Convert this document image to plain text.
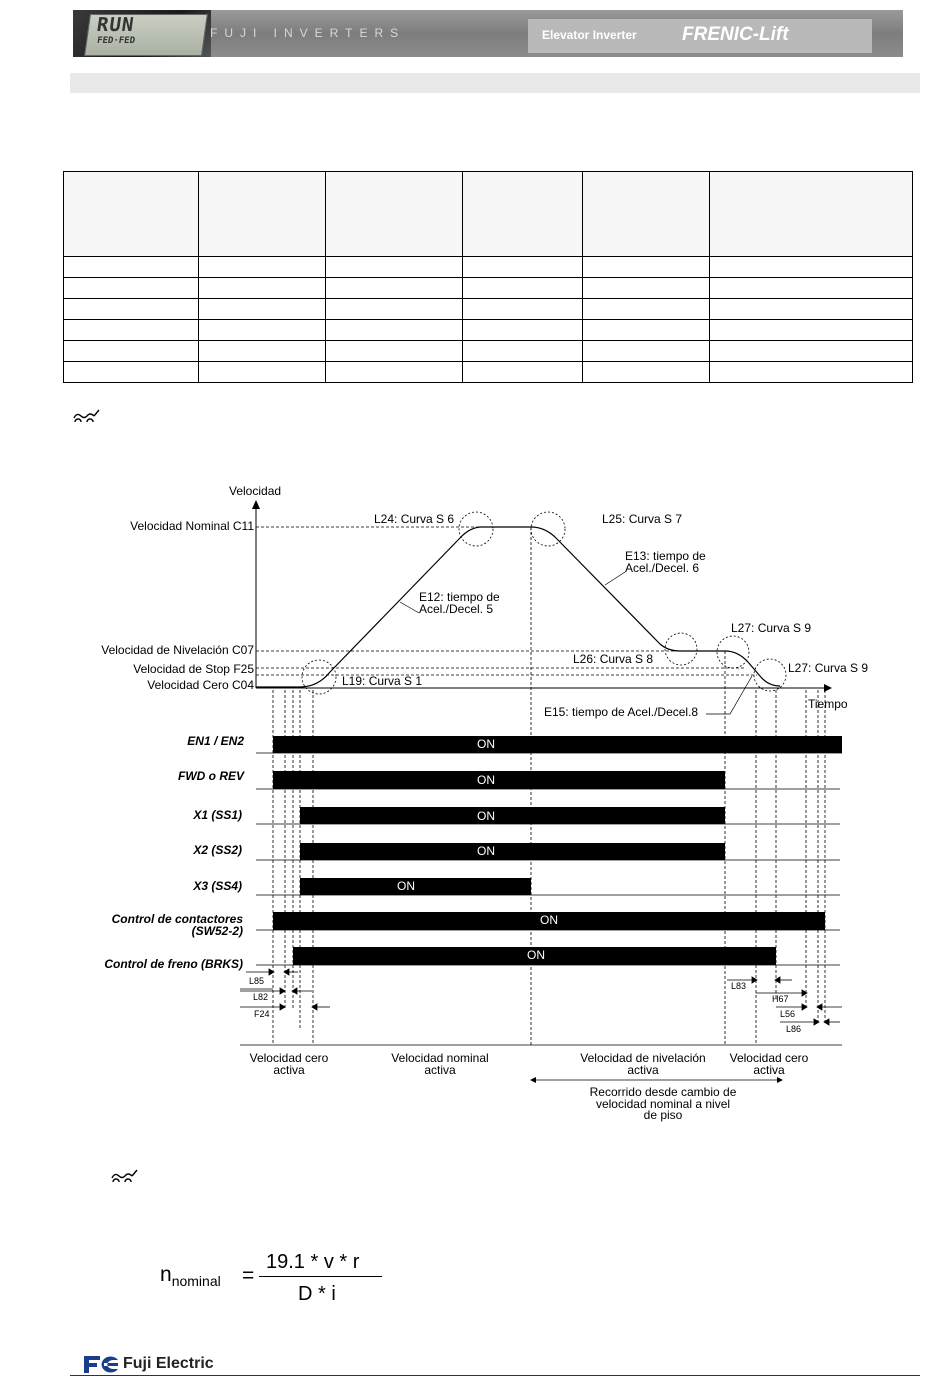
RUN
FED·FED
FUJI INVERTERS	Elevator Inverter FRENIC-Lift

Velocidad
Tiempo
Velocidad Nominal C11
Velocidad de Nivelación C07
Velocidad de Stop F25
Velocidad Cero C04
L24: Curva S 6	L25: Curva S 7
E13: tiempo de
Acel./Decel. 6
E12: tiempo de
Acel./Decel. 5
L27: Curva S 9
L26: Curva S 8
L27: Curva S 9
L19: Curva S 1
E15: tiempo de Acel./Decel.8
ON
ON
ON
ON
ON
ON
ON
EN1 / EN2
FWD o REV
X1 (SS1)
X2 (SS2)
X3 (SS4)
Control de contactores
(SW52-2)
Control de freno (BRKS)
L85
L82
F24
L83
H67
L56
L86
Velocidad cero
activa
Velocidad nominal
activa
Velocidad de nivelación
activa
Velocidad cero
activa
Recorrido desde cambio de
velocidad nominal a nivel
de piso
$n_{nominal}$ =
19.1 * v * r
D * i
Fuji Electric
